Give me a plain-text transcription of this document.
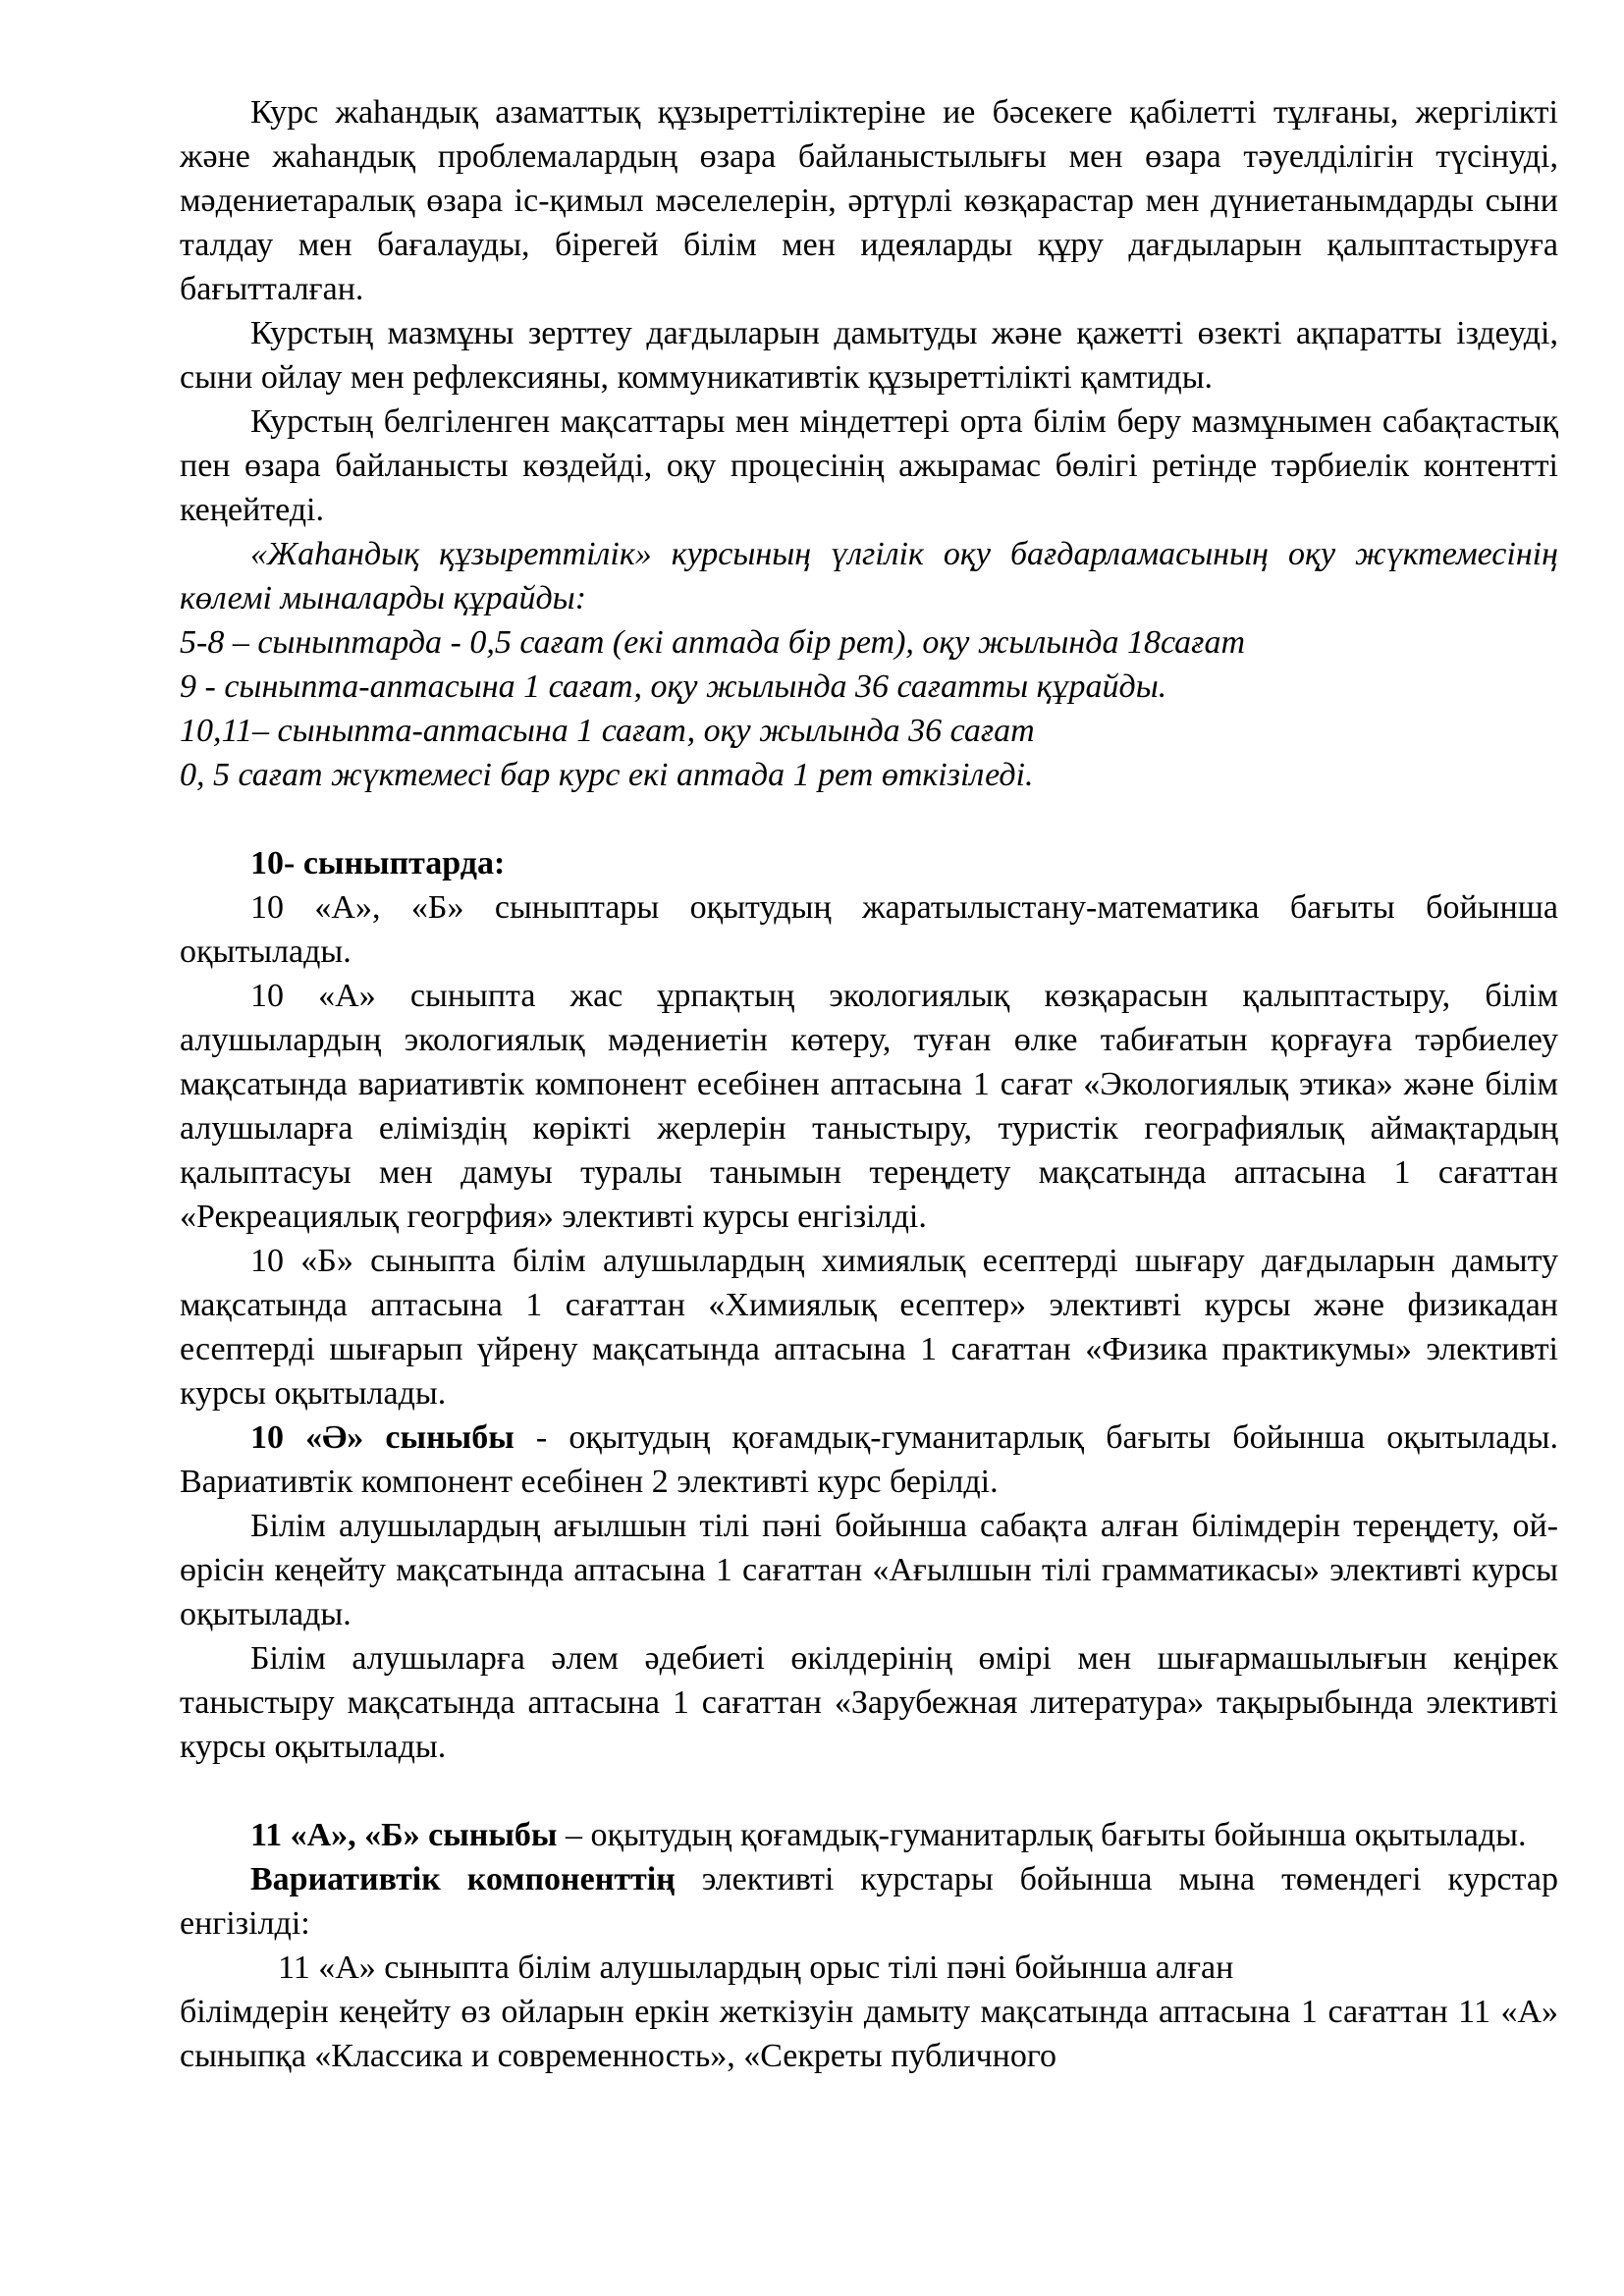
Курс жаһандық азаматтық құзыреттіліктеріне ие бәсекеге қабілетті тұлғаны, жергілікті және жаһандық проблемалардың өзара байланыстылығы мен өзара тәуелділігін түсінуді, мәдениетаралық өзара іс-қимыл мәселелерін, әртүрлі көзқарастар мен дүниетанымдарды сыни талдау мен бағалауды, бірегей білім мен идеяларды құру дағдыларын қалыптастыруға бағытталған.

Курстың мазмұны зерттеу дағдыларын дамытуды және қажетті өзекті ақпаратты іздеуді, сыни ойлау мен рефлексияны, коммуникативтік құзыреттілікті қамтиды.

Курстың белгіленген мақсаттары мен міндеттері орта білім беру мазмұнымен сабақтастық пен өзара байланысты көздейді, оқу процесінің ажырамас бөлігі ретінде тәрбиелік контентті кеңейтеді.

«Жаһандық құзыреттілік» курсының үлгілік оқу бағдарламасының оқу жүктемесінің көлемі мыналарды құрайды:

5-8 – сыныптарда - 0,5 сағат (екі аптада бір рет), оқу жылында 18сағат

9 - сыныпта-аптасына 1 сағат, оқу жылында 36 сағатты құрайды.

10,11– сыныпта-аптасына 1 сағат, оқу жылында 36 сағат

0, 5 сағат жүктемесі бар курс екі аптада 1 рет өткізіледі.

10- сыныптарда:

10 «А», «Б» сыныптары оқытудың жаратылыстану-математика бағыты бойынша оқытылады.

10 «А» сыныпта жас ұрпақтың экологиялық көзқарасын қалыптастыру, білім алушылардың экологиялық мәдениетін көтеру, туған өлке табиғатын қорғауға тәрбиелеу мақсатында вариативтік компонент есебінен аптасына 1 сағат «Экологиялық этика» және білім алушыларға еліміздің көрікті жерлерін таныстыру, туристік географиялық аймақтардың қалыптасуы мен дамуы туралы танымын тереңдету мақсатында аптасына 1 сағаттан «Рекреациялық геогрфия» элективті курсы енгізілді.

10 «Б» сыныпта білім алушылардың химиялық есептерді шығару дағдыларын дамыту мақсатында аптасына 1 сағаттан «Химиялық есептер» элективті курсы және физикадан есептерді шығарып үйрену мақсатында аптасына 1 сағаттан «Физика практикумы» элективті курсы оқытылады.

10 «Ә» сыныбы - оқытудың қоғамдық-гуманитарлық бағыты бойынша оқытылады. Вариативтік компонент есебінен 2 элективті курс берілді.

Білім алушылардың ағылшын тілі пәні бойынша сабақта алған білімдерін тереңдету, ой-өрісін кеңейту мақсатында аптасына 1 сағаттан «Ағылшын тілі грамматикасы» элективті курсы оқытылады.

Білім алушыларға әлем әдебиеті өкілдерінің өмірі мен шығармашылығын кеңірек таныстыру мақсатында аптасына 1 сағаттан «Зарубежная литература» тақырыбында элективті курсы оқытылады.

11 «А», «Б» сыныбы – оқытудың қоғамдық-гуманитарлық бағыты бойынша оқытылады.

Вариативтік компоненттің элективті курстары бойынша мына төмендегі курстар енгізілді:

11 «А» сыныпта білім алушылардың орыс тілі пәні бойынша алған

білімдерін кеңейту өз ойларын еркін жеткізуін дамыту мақсатында аптасына 1 сағаттан 11 «А» сыныпқа «Классика и современность», «Секреты публичного
